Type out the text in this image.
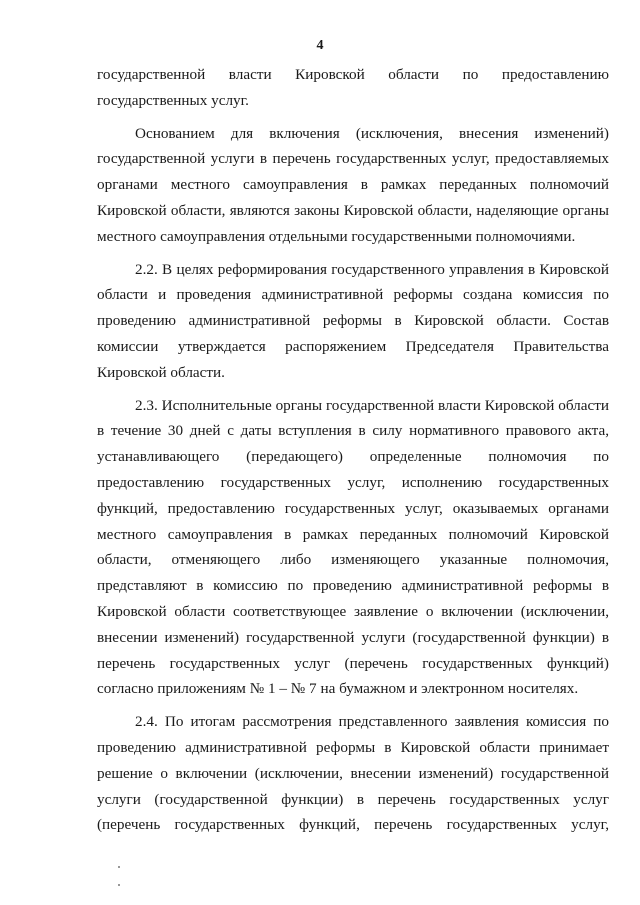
4

государственной власти Кировской области по предоставлению
государственных услуг.

Основанием для включения (исключения, внесения изменений)
государственной услуги в перечень государственных услуг, предоставляемых
органами местного самоуправления в рамках переданных полномочий
Кировской области, являются законы Кировской области, наделяющие органы
местного самоуправления отдельными государственными полномочиями.

2.2. В целях реформирования государственного управления в Кировской
области и проведения административной реформы создана комиссия по
проведению административной реформы в Кировской области. Состав
комиссии утверждается распоряжением Председателя Правительства
Кировской области.

2.3. Исполнительные органы государственной власти Кировской области
в течение 30 дней с даты вступления в силу нормативного правового акта,
устанавливающего (передающего) определенные полномочия по
предоставлению государственных услуг, исполнению государственных
функций, предоставлению государственных услуг, оказываемых органами
местного самоуправления в рамках переданных полномочий Кировской
области, отменяющего либо изменяющего указанные полномочия,
представляют в комиссию по проведению административной реформы в
Кировской области соответствующее заявление о включении (исключении,
внесении изменений) государственной услуги (государственной функции) в
перечень государственных услуг (перечень государственных функций)
согласно приложениям № 1 – № 7 на бумажном и электронном носителях.

2.4. По итогам рассмотрения представленного заявления комиссия по
проведению административной реформы в Кировской области принимает
решение о включении (исключении, внесении изменений) государственной
услуги (государственной функции) в перечень государственных услуг
(перечень государственных функций, перечень государственных услуг,
